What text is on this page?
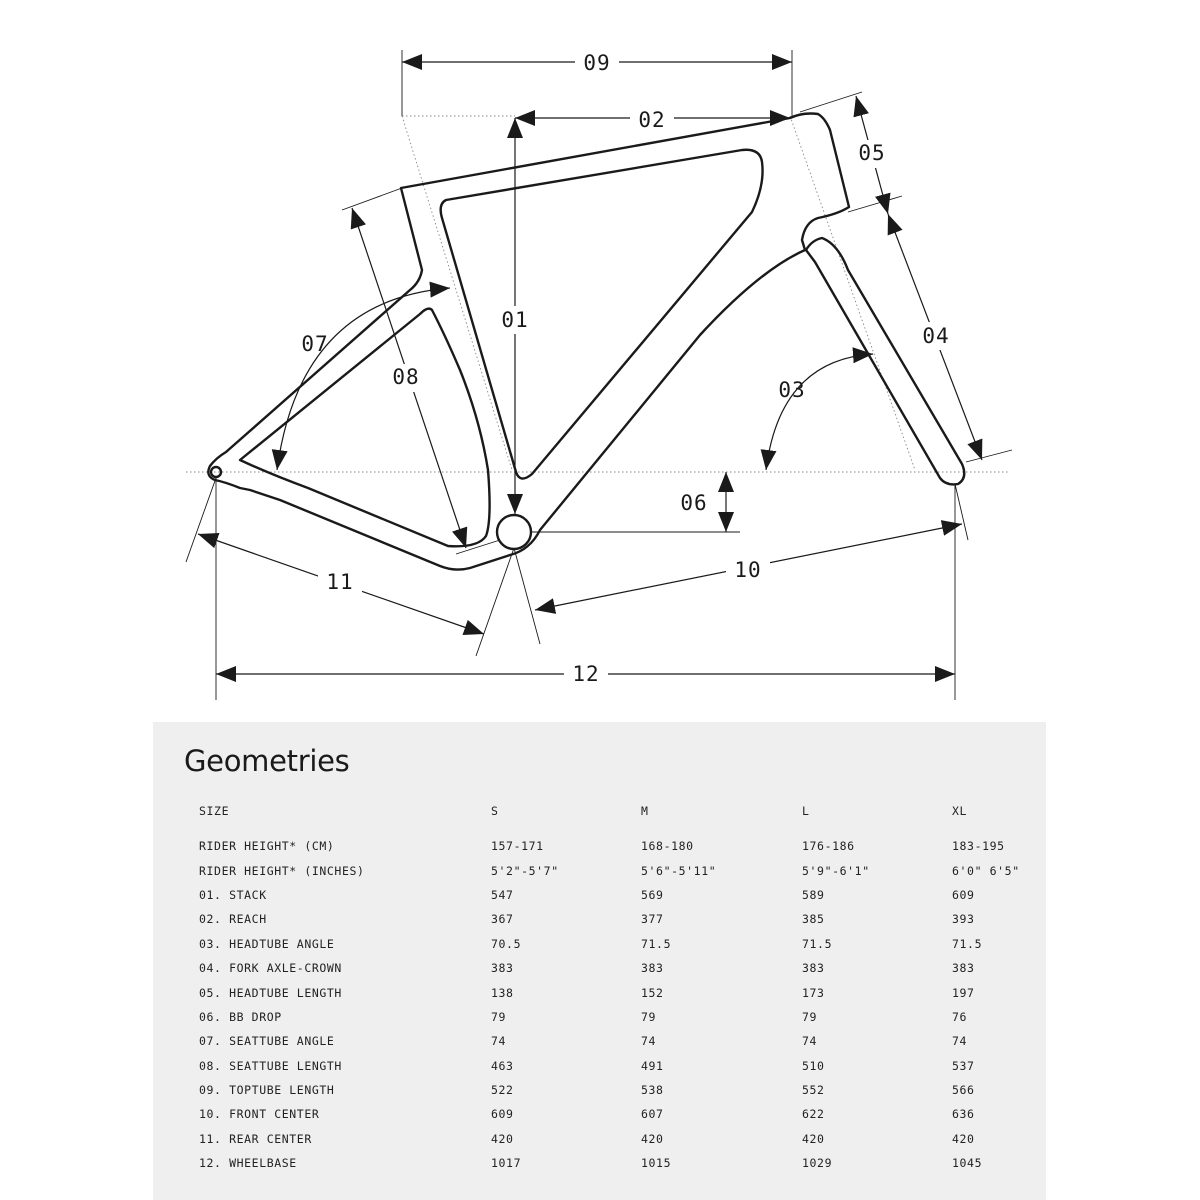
09
02
01
05
04
03
07
08
06
11	10
12
Geometries
SIZE	S	M	L	XL
RIDER HEIGHT* (CM)	157-171	168-180	176-186	183-195
RIDER HEIGHT* (INCHES)	5'2"-5'7"	5'6"-5'11"	5'9"-6'1"	6'0" 6'5"
01. STACK	547	569	589	609
02. REACH	367	377	385	393
03. HEADTUBE ANGLE	70.5	71.5	71.5	71.5
04. FORK AXLE-CROWN	383	383	383	383
05. HEADTUBE LENGTH	138	152	173	197
06. BB DROP	79	79	79	76
07. SEATTUBE ANGLE	74	74	74	74
08. SEATTUBE LENGTH	463	491	510	537
09. TOPTUBE LENGTH	522	538	552	566
10. FRONT CENTER	609	607	622	636
11. REAR CENTER	420	420	420	420
12. WHEELBASE	1017	1015	1029	1045
